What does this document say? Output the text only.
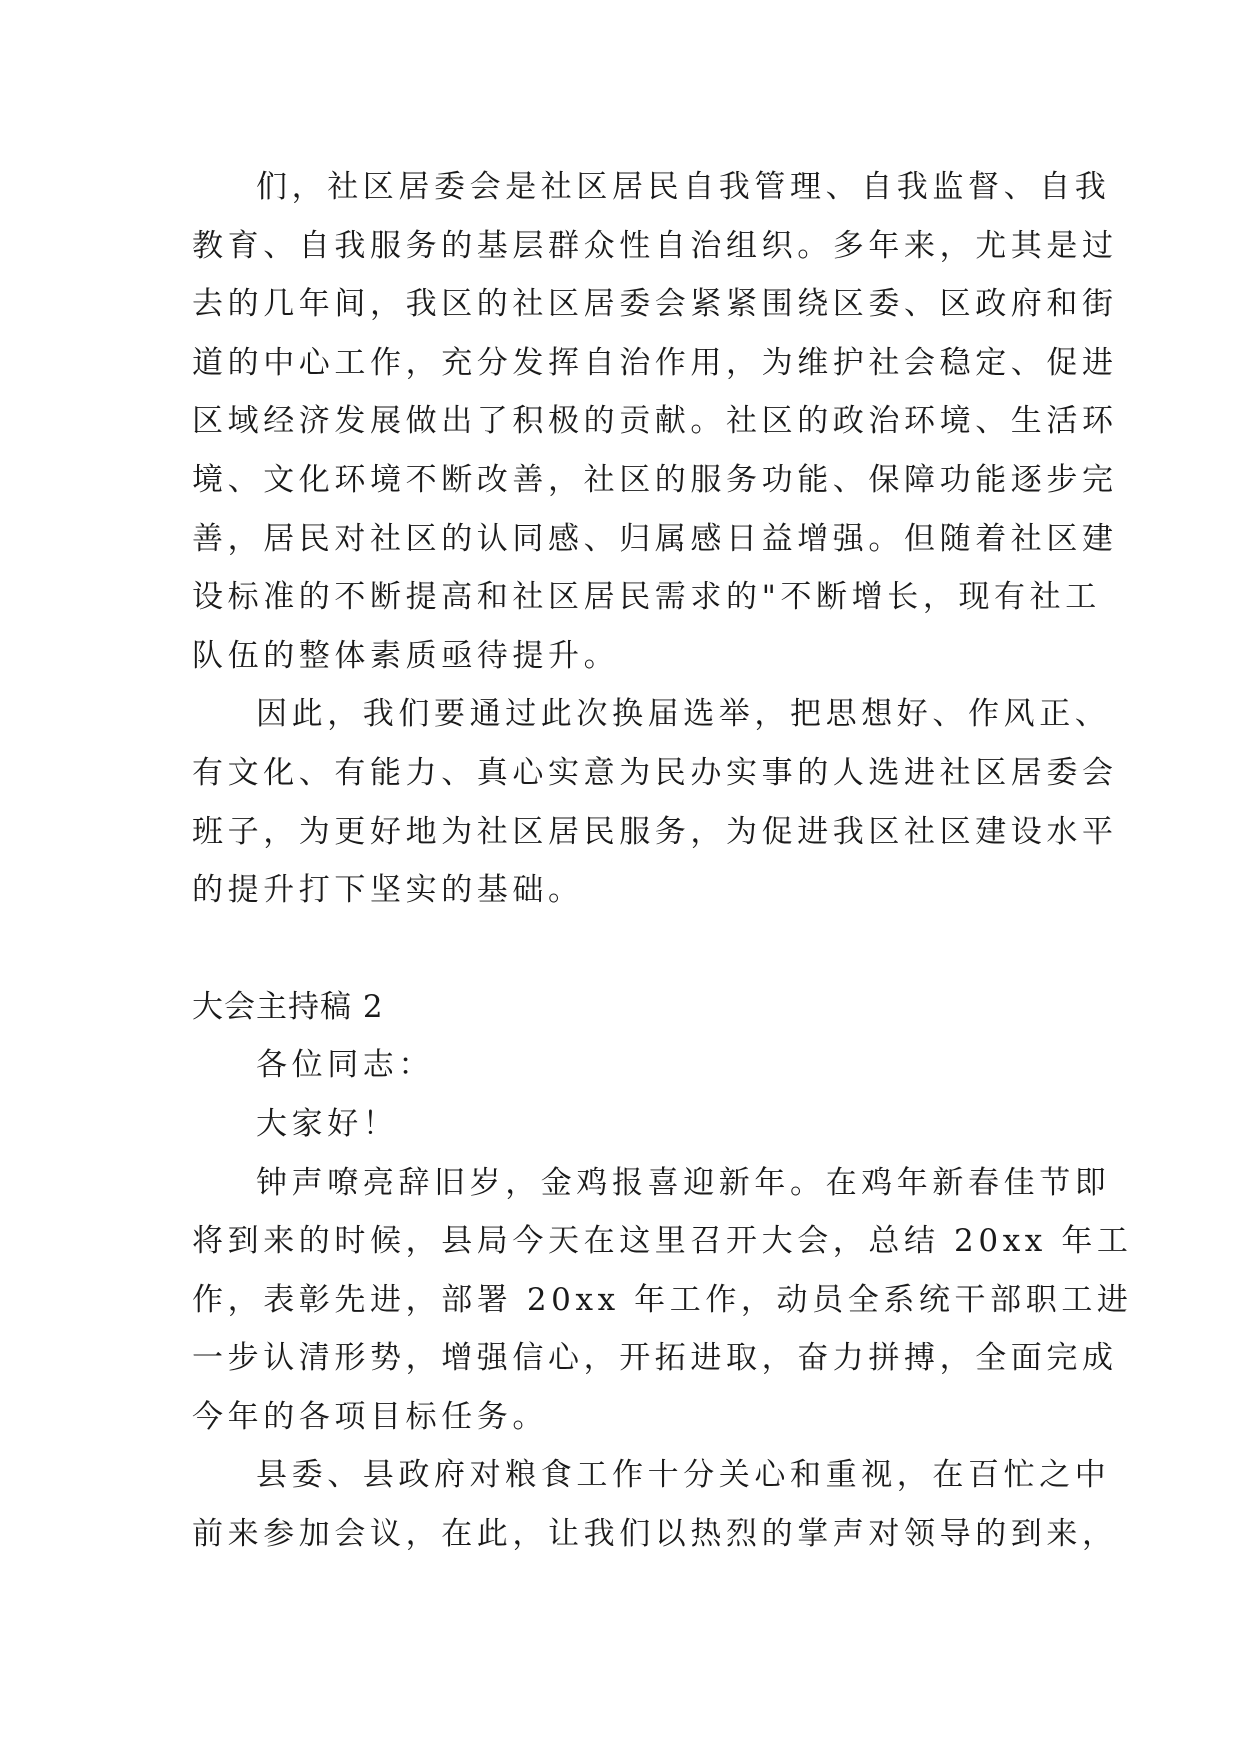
们，社区居委会是社区居民自我管理、自我监督、自我
教育、自我服务的基层群众性自治组织。多年来，尤其是过
去的几年间，我区的社区居委会紧紧围绕区委、区政府和街
道的中心工作，充分发挥自治作用，为维护社会稳定、促进
区域经济发展做出了积极的贡献。社区的政治环境、生活环
境、文化环境不断改善，社区的服务功能、保障功能逐步完
善，居民对社区的认同感、归属感日益增强。但随着社区建
设标准的不断提高和社区居民需求的"不断增长，现有社工
队伍的整体素质亟待提升。
因此，我们要通过此次换届选举，把思想好、作风正、
有文化、有能力、真心实意为民办实事的人选进社区居委会
班子，为更好地为社区居民服务，为促进我区社区建设水平
的提升打下坚实的基础。
大会主持稿 2
各位同志：
大家好！
钟声嘹亮辞旧岁，金鸡报喜迎新年。在鸡年新春佳节即
将到来的时候，县局今天在这里召开大会，总结 20xx 年工
作，表彰先进，部署 20xx 年工作，动员全系统干部职工进
一步认清形势，增强信心，开拓进取，奋力拼搏，全面完成
今年的各项目标任务。
县委、县政府对粮食工作十分关心和重视，在百忙之中
前来参加会议，在此，让我们以热烈的掌声对领导的到来，
